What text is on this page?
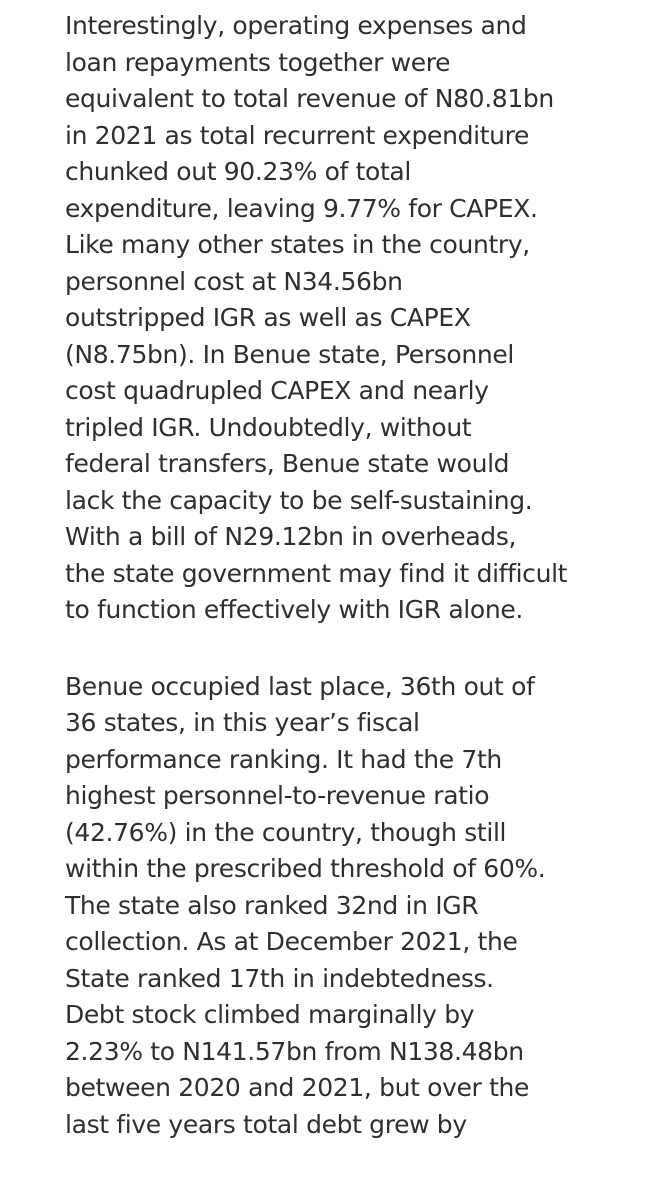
Interestingly, operating expenses and
loan repayments together were
equivalent to total revenue of N80.81bn
in 2021 as total recurrent expenditure
chunked out 90.23% of total
expenditure, leaving 9.77% for CAPEX.
Like many other states in the country,
personnel cost at N34.56bn
outstripped IGR as well as CAPEX
(N8.75bn). In Benue state, Personnel
cost quadrupled CAPEX and nearly
tripled IGR. Undoubtedly, without
federal transfers, Benue state would
lack the capacity to be self-sustaining.
With a bill of N29.12bn in overheads,
the state government may find it difficult
to function effectively with IGR alone.

Benue occupied last place, 36th out of
36 states, in this year’s fiscal
performance ranking. It had the 7th
highest personnel-to-revenue ratio
(42.76%) in the country, though still
within the prescribed threshold of 60%.
The state also ranked 32nd in IGR
collection. As at December 2021, the
State ranked 17th in indebtedness.
Debt stock climbed marginally by
2.23% to N141.57bn from N138.48bn
between 2020 and 2021, but over the
last five years total debt grew by
